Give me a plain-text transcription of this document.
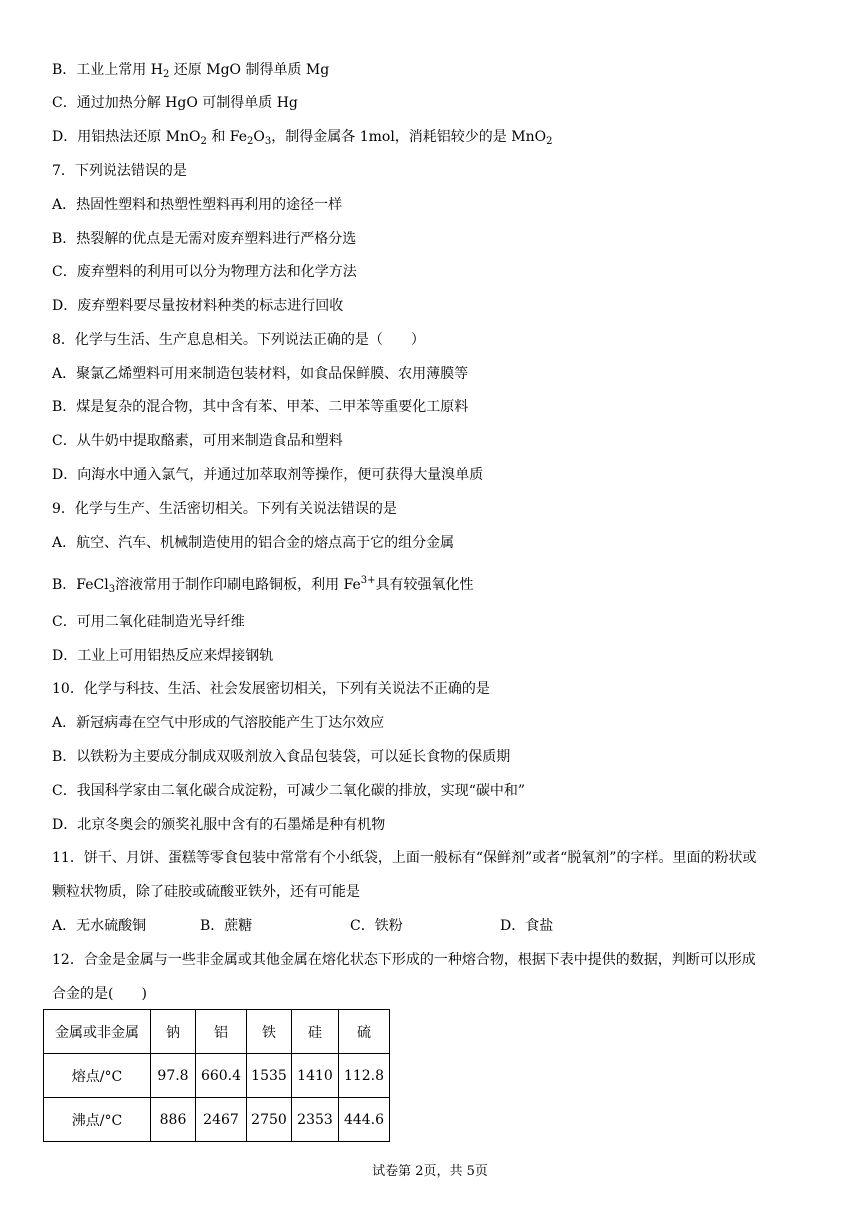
B．工业上常用 $H_2$ 还原 MgO 制得单质 Mg
C．通过加热分解 HgO 可制得单质 Hg
D．用铝热法还原 MnO$_2$ 和 $Fe_2O_3$，制得金属各 1mol，消耗铝较少的是 MnO$_2$
7．下列说法错误的是
A．热固性塑料和热塑性塑料再利用的途径一样
B．热裂解的优点是无需对废弃塑料进行严格分选
C．废弃塑料的利用可以分为物理方法和化学方法
D．废弃塑料要尽量按材料种类的标志进行回收
8．化学与生活、生产息息相关。下列说法正确的是（　　）
A．聚氯乙烯塑料可用来制造包装材料，如食品保鲜膜、农用薄膜等
B．煤是复杂的混合物，其中含有苯、甲苯、二甲苯等重要化工原料
C．从牛奶中提取酪素，可用来制造食品和塑料
D．向海水中通入氯气，并通过加萃取剂等操作，便可获得大量溴单质
9．化学与生产、生活密切相关。下列有关说法错误的是
A．航空、汽车、机械制造使用的铝合金的熔点高于它的组分金属
B．FeCl$_3$溶液常用于制作印刷电路铜板，利用 $Fe^{3+}$具有较强氧化性
C．可用二氧化硅制造光导纤维
D．工业上可用铝热反应来焊接钢轨
10．化学与科技、生活、社会发展密切相关，下列有关说法不正确的是
A．新冠病毒在空气中形成的气溶胶能产生丁达尔效应
B．以铁粉为主要成分制成双吸剂放入食品包装袋，可以延长食物的保质期
C．我国科学家由二氧化碳合成淀粉，可减少二氧化碳的排放，实现“碳中和”
D．北京冬奥会的颁奖礼服中含有的石墨烯是种有机物
11．饼干、月饼、蛋糕等零食包装中常常有个小纸袋，上面一般标有“保鲜剂”或者“脱氧剂”的字样。里面的粉状或
颗粒状物质，除了硅胶或硫酸亚铁外，还有可能是
A．无水硫酸铜	B．蔗糖	C．铁粉	D．食盐
12．合金是金属与一些非金属或其他金属在熔化状态下形成的一种熔合物，根据下表中提供的数据，判断可以形成
合金的是(　　)
金属或非金属	钠	铝	铁	硅	硫
熔点/°C	97.8	660.4	1535	1410	112.8
沸点/°C	886	2467	2750	2353	444.6
试卷第 2页，共 5页
